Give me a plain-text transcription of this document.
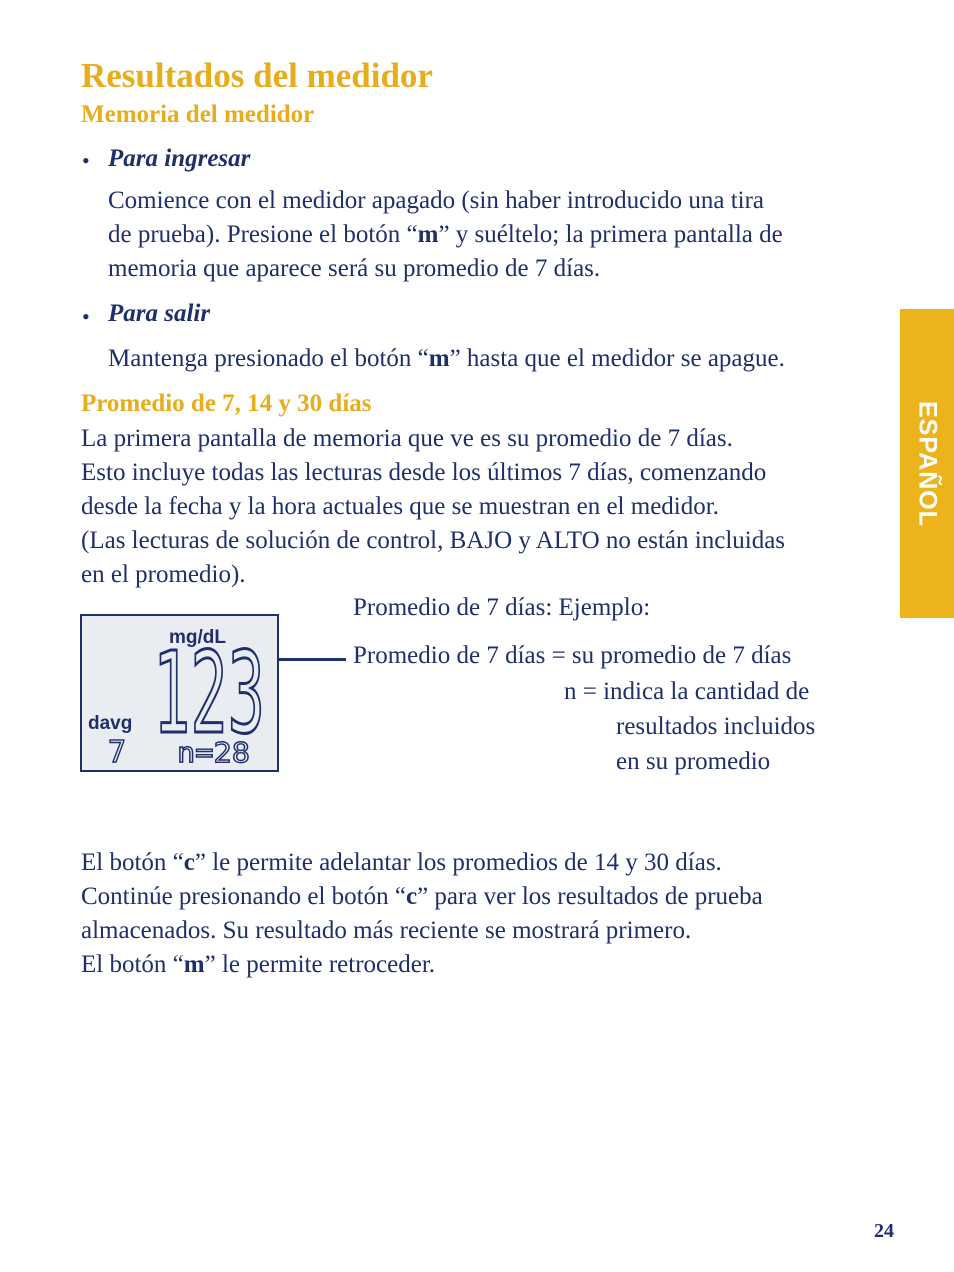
Resultados del medidor
Memoria del medidor
• Para ingresar
Comience con el medidor apagado (sin haber introducido una tira
de prueba). Presione el botón “m” y suéltelo; la primera pantalla de
memoria que aparece será su promedio de 7 días.
• Para salir
Mantenga presionado el botón “m” hasta que el medidor se apague.
Promedio de 7, 14 y 30 días
La primera pantalla de memoria que ve es su promedio de 7 días.
Esto incluye todas las lecturas desde los últimos 7 días, comenzando
desde la fecha y la hora actuales que se muestran en el medidor.
(Las lecturas de solución de control, BAJO y ALTO no están incluidas
en el promedio).
mg/dL
123
davg
7 n=28
Promedio de 7 días: Ejemplo:
Promedio de 7 días = su promedio de 7 días
n = indica la cantidad de
resultados incluidos
en su promedio
El botón “c” le permite adelantar los promedios de 14 y 30 días.
Continúe presionando el botón “c” para ver los resultados de prueba
almacenados. Su resultado más reciente se mostrará primero.
El botón “m” le permite retroceder.
ESPAÑOL
24
